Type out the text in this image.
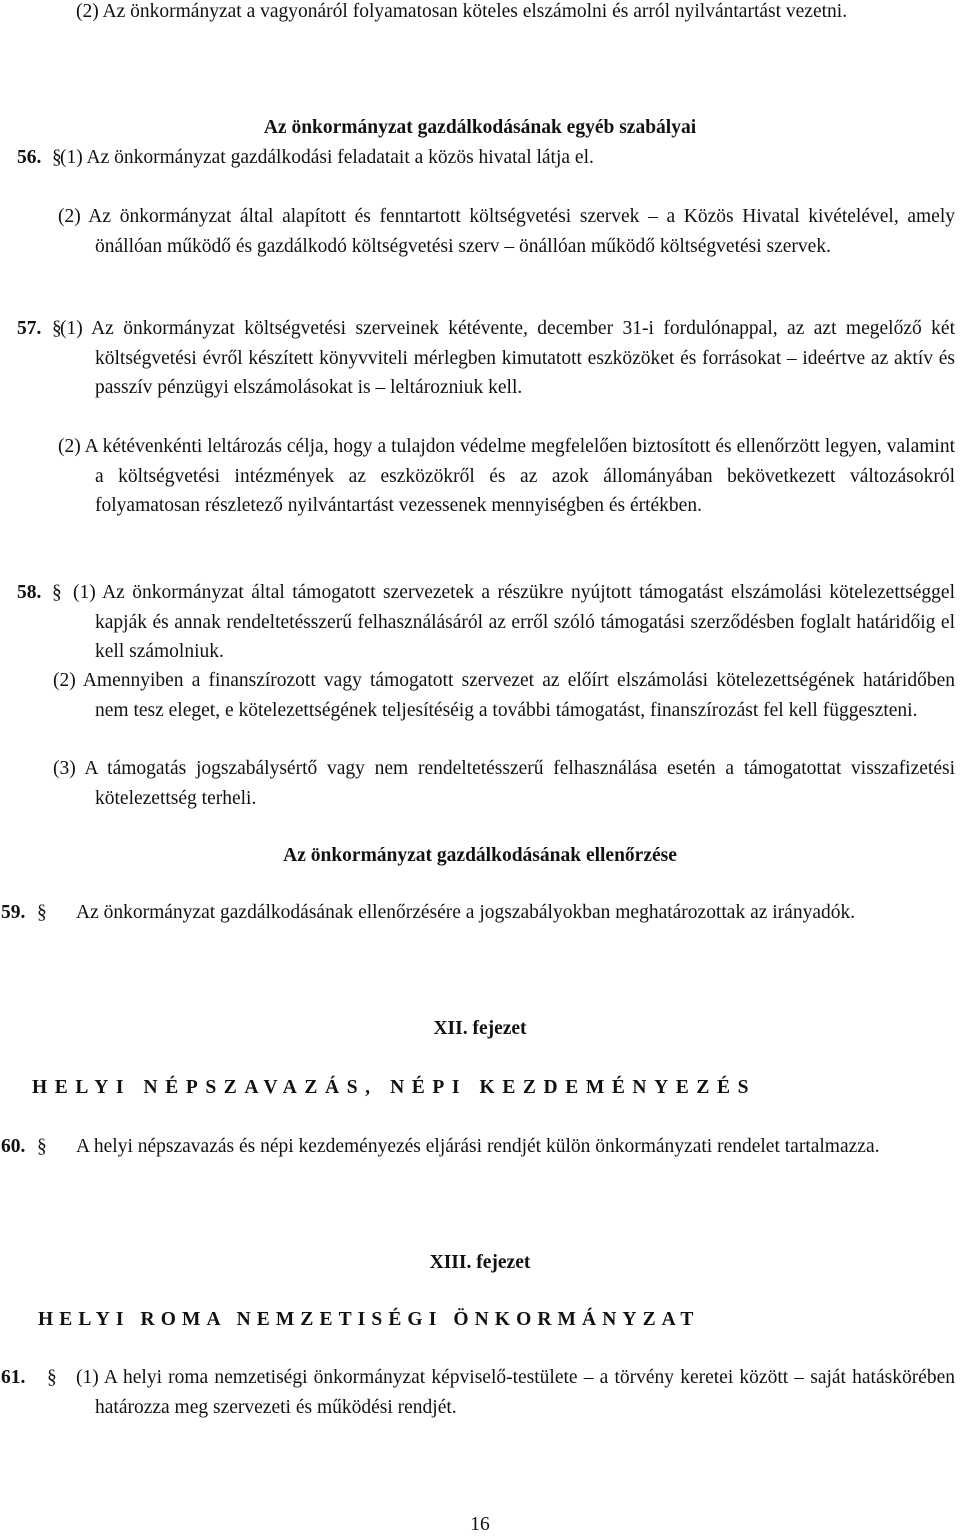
(2) Az önkormányzat a vagyonáról folyamatosan köteles elszámolni és arról nyilvántartást vezetni.

Az önkormányzat gazdálkodásának egyéb szabályai

56. §

(1) Az önkormányzat gazdálkodási feladatait a közös hivatal látja el.

(2) Az önkormányzat által alapított és fenntartott költségvetési szervek – a Közös Hivatal kivételével, amely önállóan működő és gazdálkodó költségvetési szerv – önállóan működő költségvetési szervek.

57. §

(1) Az önkormányzat költségvetési szerveinek kétévente, december 31-i fordulónappal, az azt megelőző két költségvetési évről készített könyvviteli mérlegben kimutatott eszközöket és forrásokat – ideértve az aktív és passzív pénzügyi elszámolásokat is – leltározniuk kell.

(2) A kétévenkénti leltározás célja, hogy a tulajdon védelme megfelelően biztosított és ellenőrzött legyen, valamint a költségvetési intézmények az eszközökről és az azok állományában bekövetkezett változásokról folyamatosan részletező nyilvántartást vezessenek mennyiségben és értékben.

58. § (1) Az önkormányzat által támogatott szervezetek a részükre nyújtott támogatást elszámolási kötelezettséggel kapják és annak rendeltetésszerű felhasználásáról az erről szóló támogatási szerződésben foglalt határidőig el kell számolniuk.

(2) Amennyiben a finanszírozott vagy támogatott szervezet az előírt elszámolási kötelezettségének határidőben nem tesz eleget, e kötelezettségének teljesítéséig a további támogatást, finanszírozást fel kell függeszteni.

(3) A támogatás jogszabálysértő vagy nem rendeltetésszerű felhasználása esetén a támogatottat visszafizetési kötelezettség terheli.

Az önkormányzat gazdálkodásának ellenőrzése

59. § Az önkormányzat gazdálkodásának ellenőrzésére a jogszabályokban meghatározottak az irányadók.

XII. fejezet

HELYI NÉPSZAVAZÁS, NÉPI KEZDEMÉNYEZÉS

60. § A helyi népszavazás és népi kezdeményezés eljárási rendjét külön önkormányzati rendelet tartalmazza.

XIII. fejezet

HELYI ROMA NEMZETISÉGI ÖNKORMÁNYZAT

61. § (1) A helyi roma nemzetiségi önkormányzat képviselő-testülete – a törvény keretei között – saját hatáskörében határozza meg szervezeti és működési rendjét.

16
